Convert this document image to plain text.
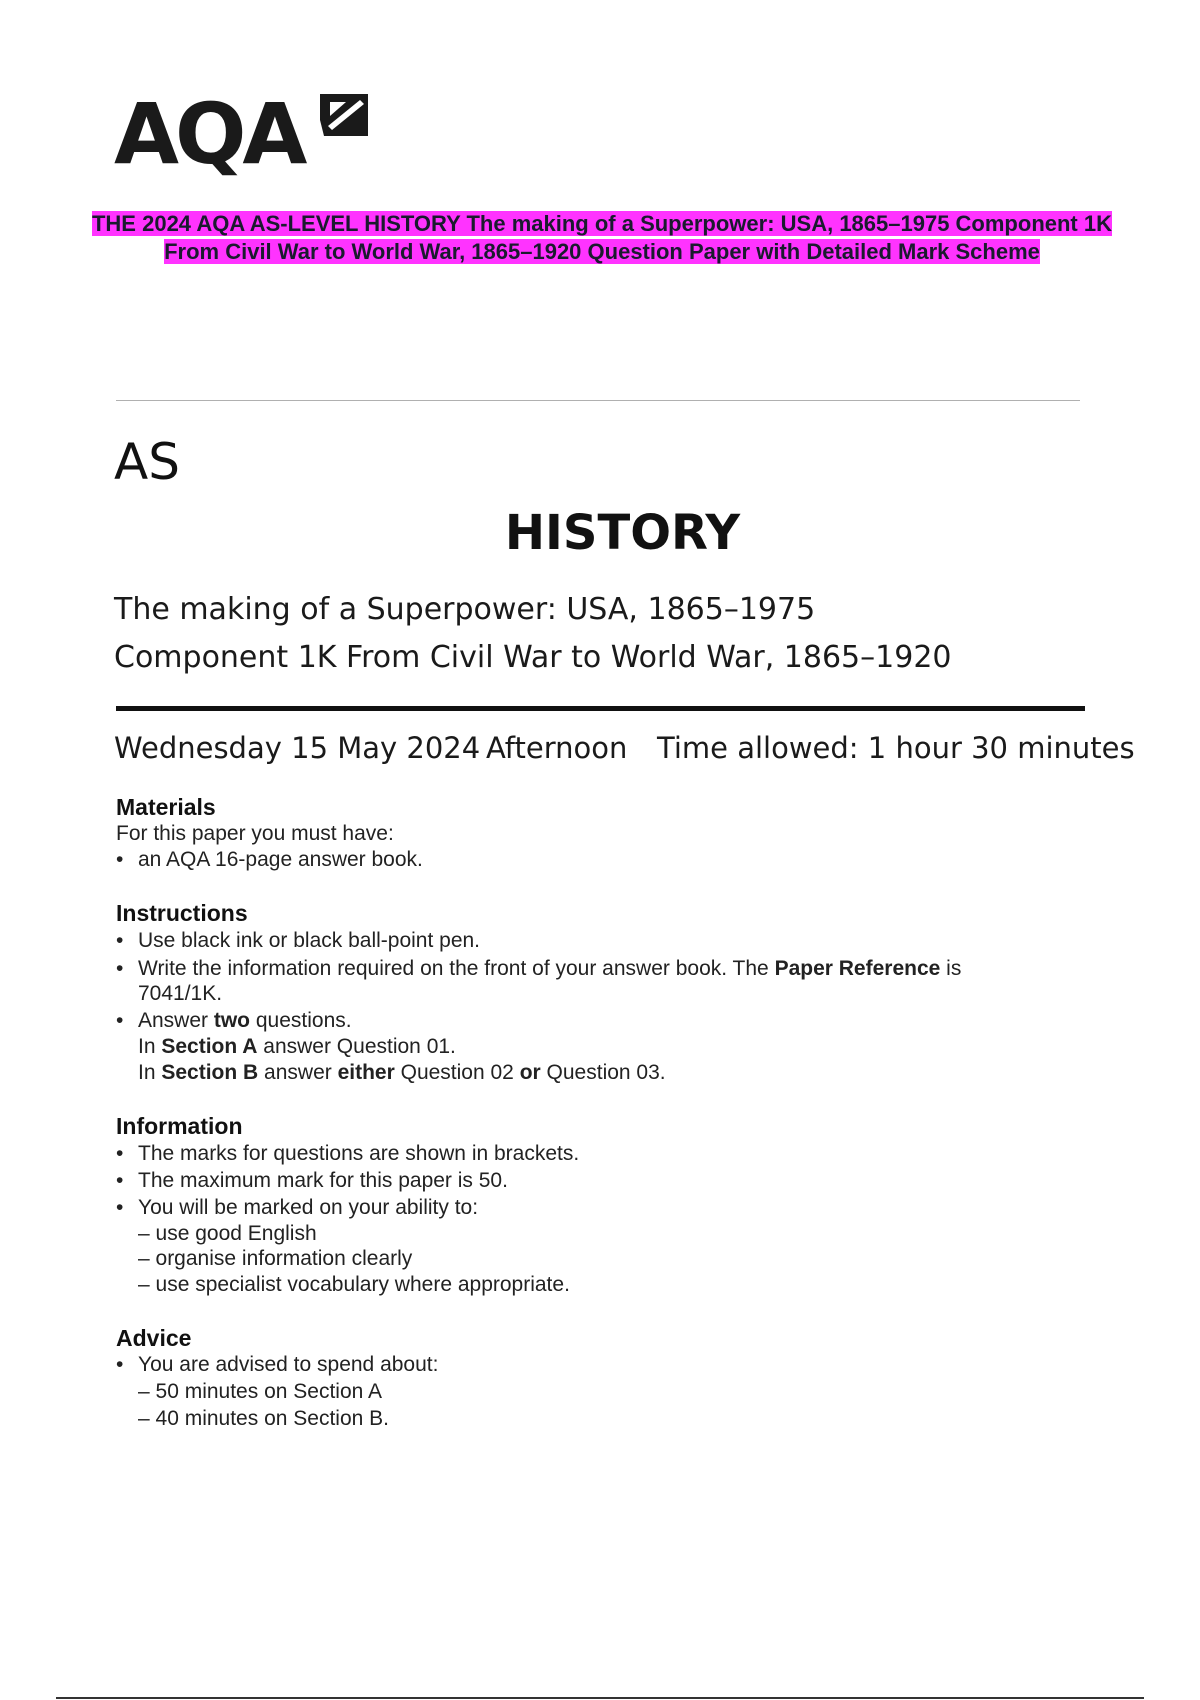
AQA
THE 2024 AQA AS-LEVEL HISTORY The making of a Superpower: USA, 1865–1975 Component 1K From Civil War to World War, 1865–1920 Question Paper with Detailed Mark Scheme
AS
HISTORY
The making of a Superpower: USA, 1865–1975
Component 1K From Civil War to World War, 1865–1920
Wednesday 15 May 2024 Afternoon Time allowed: 1 hour 30 minutes
Materials
For this paper you must have:
• an AQA 16-page answer book.
Instructions
• Use black ink or black ball-point pen.
• Write the information required on the front of your answer book. The Paper Reference is
7041/1K.
• Answer two questions.
In Section A answer Question 01.
In Section B answer either Question 02 or Question 03.
Information
• The marks for questions are shown in brackets.
• The maximum mark for this paper is 50.
• You will be marked on your ability to:
– use good English
– organise information clearly
– use specialist vocabulary where appropriate.
Advice
• You are advised to spend about:
– 50 minutes on Section A
– 40 minutes on Section B.
